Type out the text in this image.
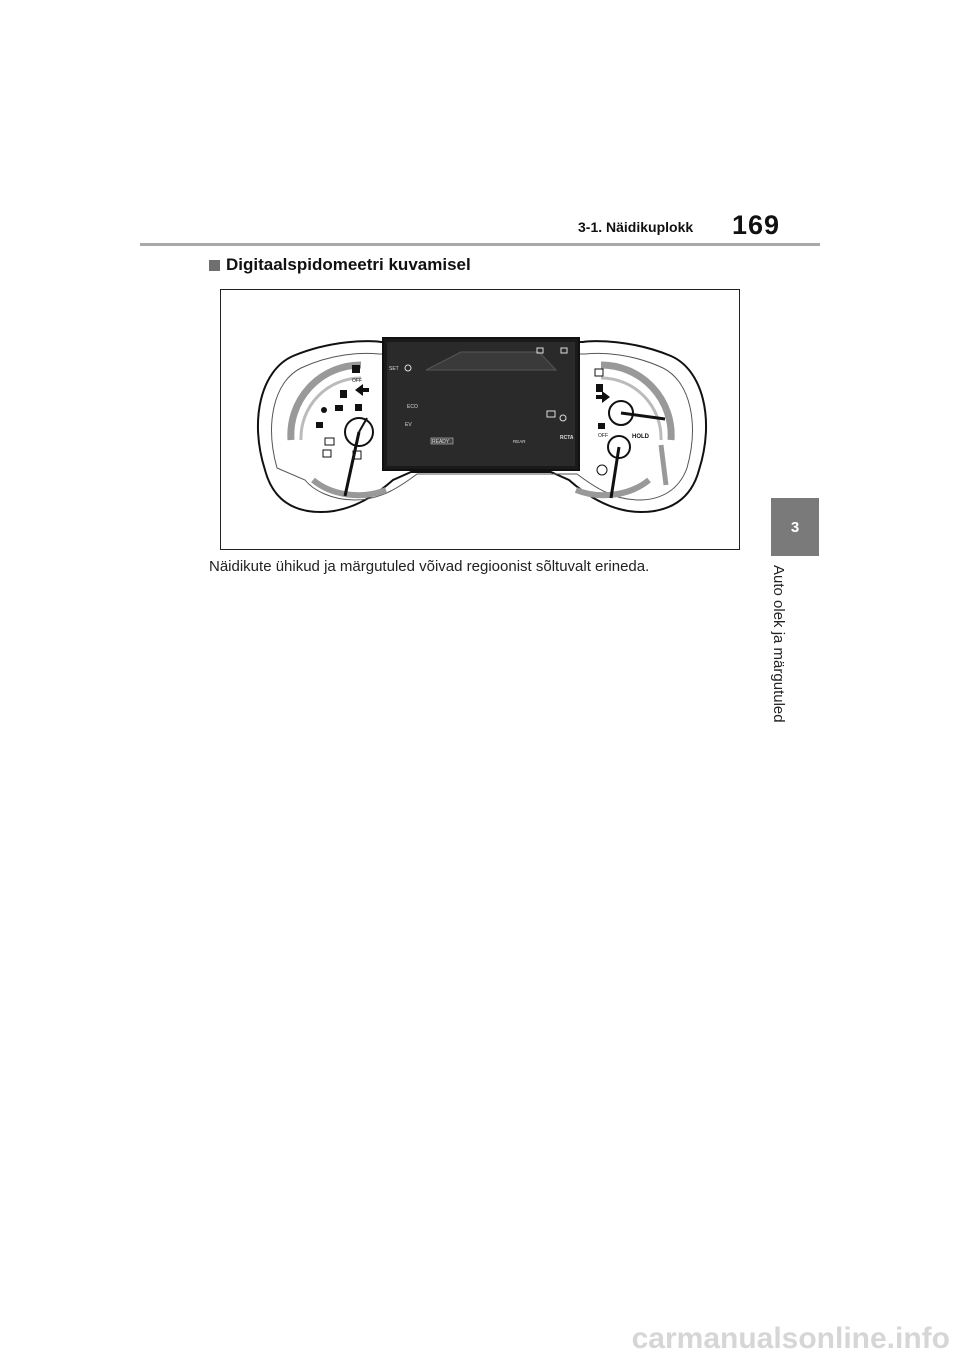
3-1. Näidikuplokk 169
3
Auto olek ja märgutuled
Digitaalspidomeetri kuvamisel
OFF
OFF	HOLD
SET
ECO
EV
READY	REAR
RCTA
Näidikute ühikud ja märgutuled võivad regioonist sõltuvalt erineda.
carmanualsonline.info
